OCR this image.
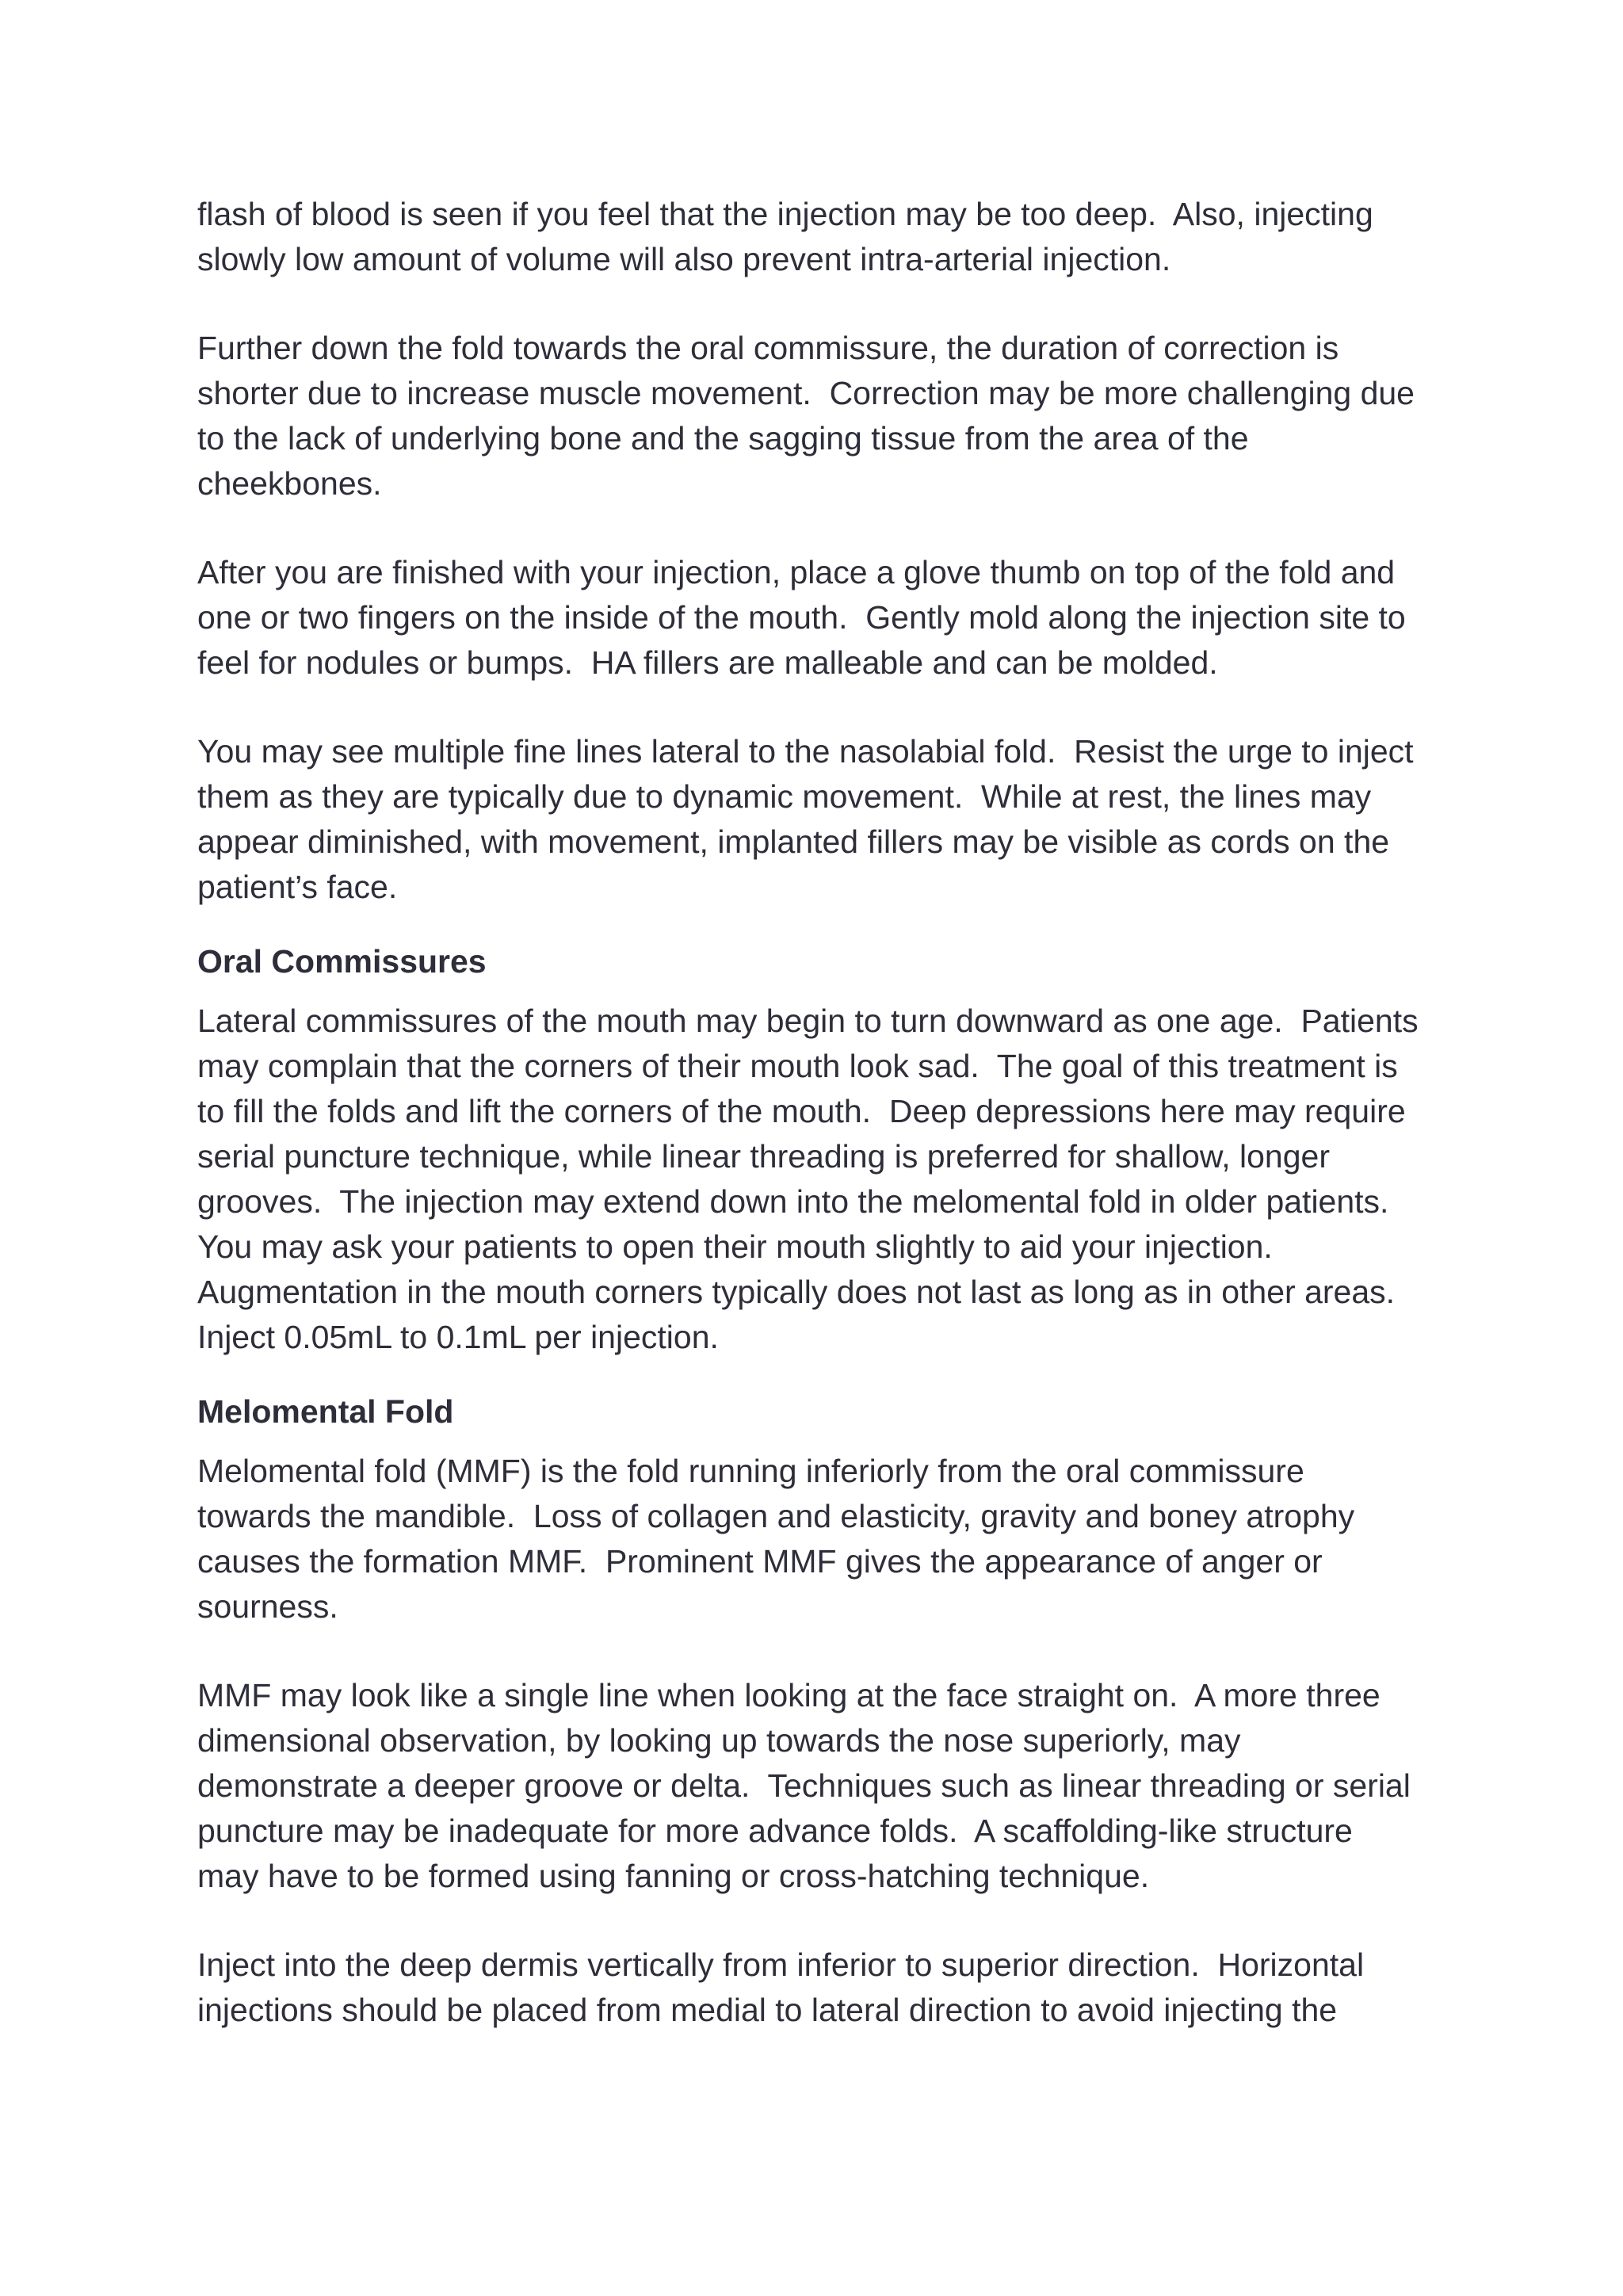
flash of blood is seen if you feel that the injection may be too deep.  Also, injecting
slowly low amount of volume will also prevent intra-arterial injection.

Further down the fold towards the oral commissure, the duration of correction is
shorter due to increase muscle movement.  Correction may be more challenging due
to the lack of underlying bone and the sagging tissue from the area of the
cheekbones.

After you are finished with your injection, place a glove thumb on top of the fold and
one or two fingers on the inside of the mouth.  Gently mold along the injection site to
feel for nodules or bumps.  HA fillers are malleable and can be molded.

You may see multiple fine lines lateral to the nasolabial fold.  Resist the urge to inject
them as they are typically due to dynamic movement.  While at rest, the lines may
appear diminished, with movement, implanted fillers may be visible as cords on the
patient’s face.

Oral Commissures

Lateral commissures of the mouth may begin to turn downward as one age.  Patients
may complain that the corners of their mouth look sad.  The goal of this treatment is
to fill the folds and lift the corners of the mouth.  Deep depressions here may require
serial puncture technique, while linear threading is preferred for shallow, longer
grooves.  The injection may extend down into the melomental fold in older patients.
You may ask your patients to open their mouth slightly to aid your injection.
Augmentation in the mouth corners typically does not last as long as in other areas.
Inject 0.05mL to 0.1mL per injection.

Melomental Fold

Melomental fold (MMF) is the fold running inferiorly from the oral commissure
towards the mandible.  Loss of collagen and elasticity, gravity and boney atrophy
causes the formation MMF.  Prominent MMF gives the appearance of anger or
sourness.

MMF may look like a single line when looking at the face straight on.  A more three
dimensional observation, by looking up towards the nose superiorly, may
demonstrate a deeper groove or delta.  Techniques such as linear threading or serial
puncture may be inadequate for more advance folds.  A scaffolding-like structure
may have to be formed using fanning or cross-hatching technique.

Inject into the deep dermis vertically from inferior to superior direction.  Horizontal
injections should be placed from medial to lateral direction to avoid injecting the
